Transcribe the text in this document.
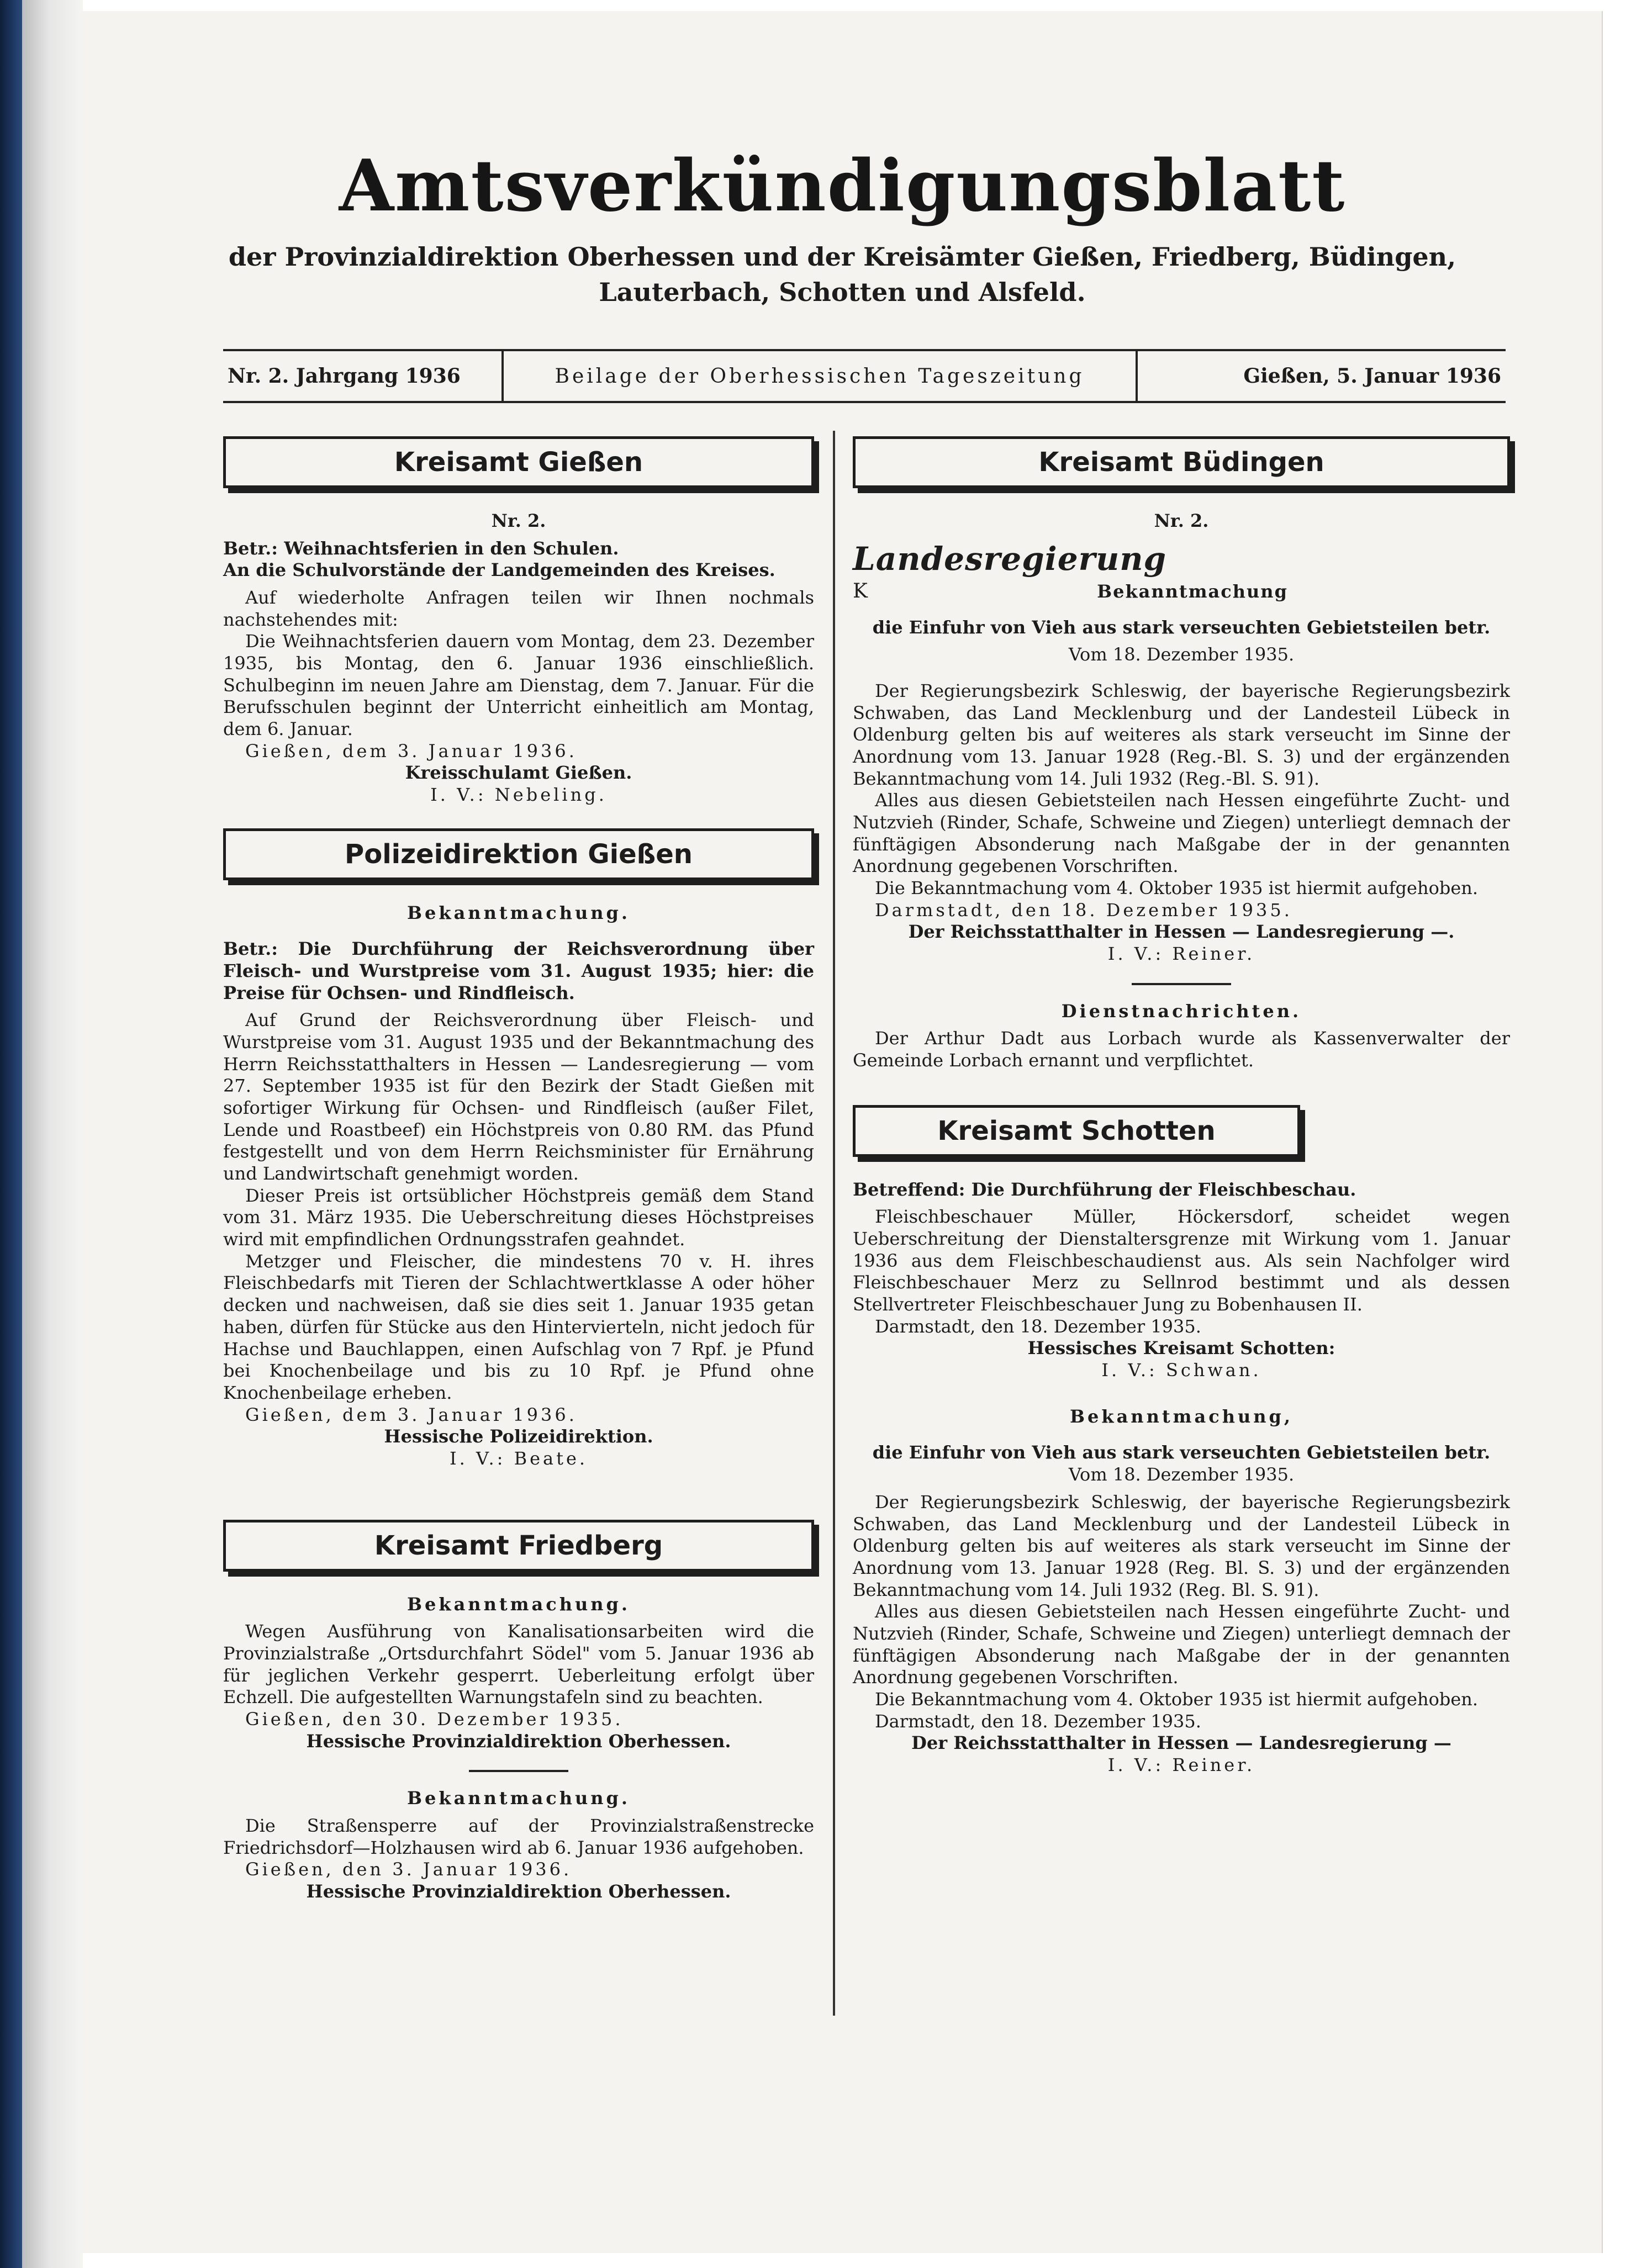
Amtsverkündigungsblatt
der Provinzialdirektion Oberhessen und der Kreisämter Gießen, Friedberg, Büdingen,
Lauterbach, Schotten und Alsfeld.
Nr. 2. Jahrgang 1936	Beilage der Oberhessischen Tageszeitung	Gießen, 5. Januar 1936
Kreisamt Gießen

Nr. 2.

Betr.: Weihnachtsferien in den Schulen.

An die Schulvorstände der Landgemeinden des Kreises.

Auf wiederholte Anfragen teilen wir Ihnen nochmals nachstehendes mit:

Die Weihnachtsferien dauern vom Montag, dem 23. Dezember 1935, bis Montag, den 6. Januar 1936 einschließlich. Schulbeginn im neuen Jahre am Dienstag, dem 7. Januar. Für die Berufsschulen beginnt der Unterricht einheitlich am Montag, dem 6. Januar.

Gießen, dem 3. Januar 1936.

Kreisschulamt Gießen.

I. V.: Nebeling.

Polizeidirektion Gießen

Bekanntmachung.

Betr.: Die Durchführung der Reichsverordnung über Fleisch- und Wurstpreise vom 31. August 1935; hier: die Preise für Ochsen- und Rindfleisch.

Auf Grund der Reichsverordnung über Fleisch- und Wurstpreise vom 31. August 1935 und der Bekanntmachung des Herrn Reichsstatthalters in Hessen — Landesregierung — vom 27. September 1935 ist für den Bezirk der Stadt Gießen mit sofortiger Wirkung für Ochsen- und Rindfleisch (außer Filet, Lende und Roastbeef) ein Höchstpreis von 0.80 RM. das Pfund festgestellt und von dem Herrn Reichsminister für Ernährung und Landwirtschaft genehmigt worden.

Dieser Preis ist ortsüblicher Höchstpreis gemäß dem Stand vom 31. März 1935. Die Ueberschreitung dieses Höchstpreises wird mit empfindlichen Ordnungsstrafen geahndet.

Metzger und Fleischer, die mindestens 70 v. H. ihres Fleischbedarfs mit Tieren der Schlachtwertklasse A oder höher decken und nachweisen, daß sie dies seit 1. Januar 1935 getan haben, dürfen für Stücke aus den Hintervierteln, nicht jedoch für Hachse und Bauchlappen, einen Aufschlag von 7 Rpf. je Pfund bei Knochenbeilage und bis zu 10 Rpf. je Pfund ohne Knochenbeilage erheben.

Gießen, dem 3. Januar 1936.

Hessische Polizeidirektion.

I. V.: Beate.

Kreisamt Friedberg

Bekanntmachung.

Wegen Ausführung von Kanalisationsarbeiten wird die Provinzialstraße „Ortsdurchfahrt Södel" vom 5. Januar 1936 ab für jeglichen Verkehr gesperrt. Ueberleitung erfolgt über Echzell. Die aufgestellten Warnungstafeln sind zu beachten.

Gießen, den 30. Dezember 1935.

Hessische Provinzialdirektion Oberhessen.

Bekanntmachung.

Die Straßensperre auf der Provinzialstraßenstrecke Friedrichsdorf—Holzhausen wird ab 6. Januar 1936 aufgehoben.

Gießen, den 3. Januar 1936.

Hessische Provinzialdirektion Oberhessen.

Kreisamt Büdingen

Nr. 2.

Landesregierung
K	Bekanntmachung

die Einfuhr von Vieh aus stark verseuchten Gebietsteilen betr.

Vom 18. Dezember 1935.

Der Regierungsbezirk Schleswig, der bayerische Regierungsbezirk Schwaben, das Land Mecklenburg und der Landesteil Lübeck in Oldenburg gelten bis auf weiteres als stark verseucht im Sinne der Anordnung vom 13. Januar 1928 (Reg.-Bl. S. 3) und der ergänzenden Bekanntmachung vom 14. Juli 1932 (Reg.-Bl. S. 91).

Alles aus diesen Gebietsteilen nach Hessen eingeführte Zucht- und Nutzvieh (Rinder, Schafe, Schweine und Ziegen) unterliegt demnach der fünftägigen Absonderung nach Maßgabe der in der genannten Anordnung gegebenen Vorschriften.

Die Bekanntmachung vom 4. Oktober 1935 ist hiermit aufgehoben.

Darmstadt, den 18. Dezember 1935.

Der Reichsstatthalter in Hessen — Landesregierung —.

I. V.: Reiner.

Dienstnachrichten.

Der Arthur Dadt aus Lorbach wurde als Kassenverwalter der Gemeinde Lorbach ernannt und verpflichtet.

Kreisamt Schotten

Betreffend: Die Durchführung der Fleischbeschau.

Fleischbeschauer Müller, Höckersdorf, scheidet wegen Ueberschreitung der Dienstaltersgrenze mit Wirkung vom 1. Januar 1936 aus dem Fleischbeschaudienst aus. Als sein Nachfolger wird Fleischbeschauer Merz zu Sellnrod bestimmt und als dessen Stellvertreter Fleischbeschauer Jung zu Bobenhausen II.

Darmstadt, den 18. Dezember 1935.

Hessisches Kreisamt Schotten:

I. V.: Schwan.

Bekanntmachung,

die Einfuhr von Vieh aus stark verseuchten Gebietsteilen betr.

Vom 18. Dezember 1935.

Der Regierungsbezirk Schleswig, der bayerische Regierungsbezirk Schwaben, das Land Mecklenburg und der Landesteil Lübeck in Oldenburg gelten bis auf weiteres als stark verseucht im Sinne der Anordnung vom 13. Januar 1928 (Reg. Bl. S. 3) und der ergänzenden Bekanntmachung vom 14. Juli 1932 (Reg. Bl. S. 91).

Alles aus diesen Gebietsteilen nach Hessen eingeführte Zucht- und Nutzvieh (Rinder, Schafe, Schweine und Ziegen) unterliegt demnach der fünftägigen Absonderung nach Maßgabe der in der genannten Anordnung gegebenen Vorschriften.

Die Bekanntmachung vom 4. Oktober 1935 ist hiermit aufgehoben.

Darmstadt, den 18. Dezember 1935.

Der Reichsstatthalter in Hessen — Landesregierung —

I. V.: Reiner.
